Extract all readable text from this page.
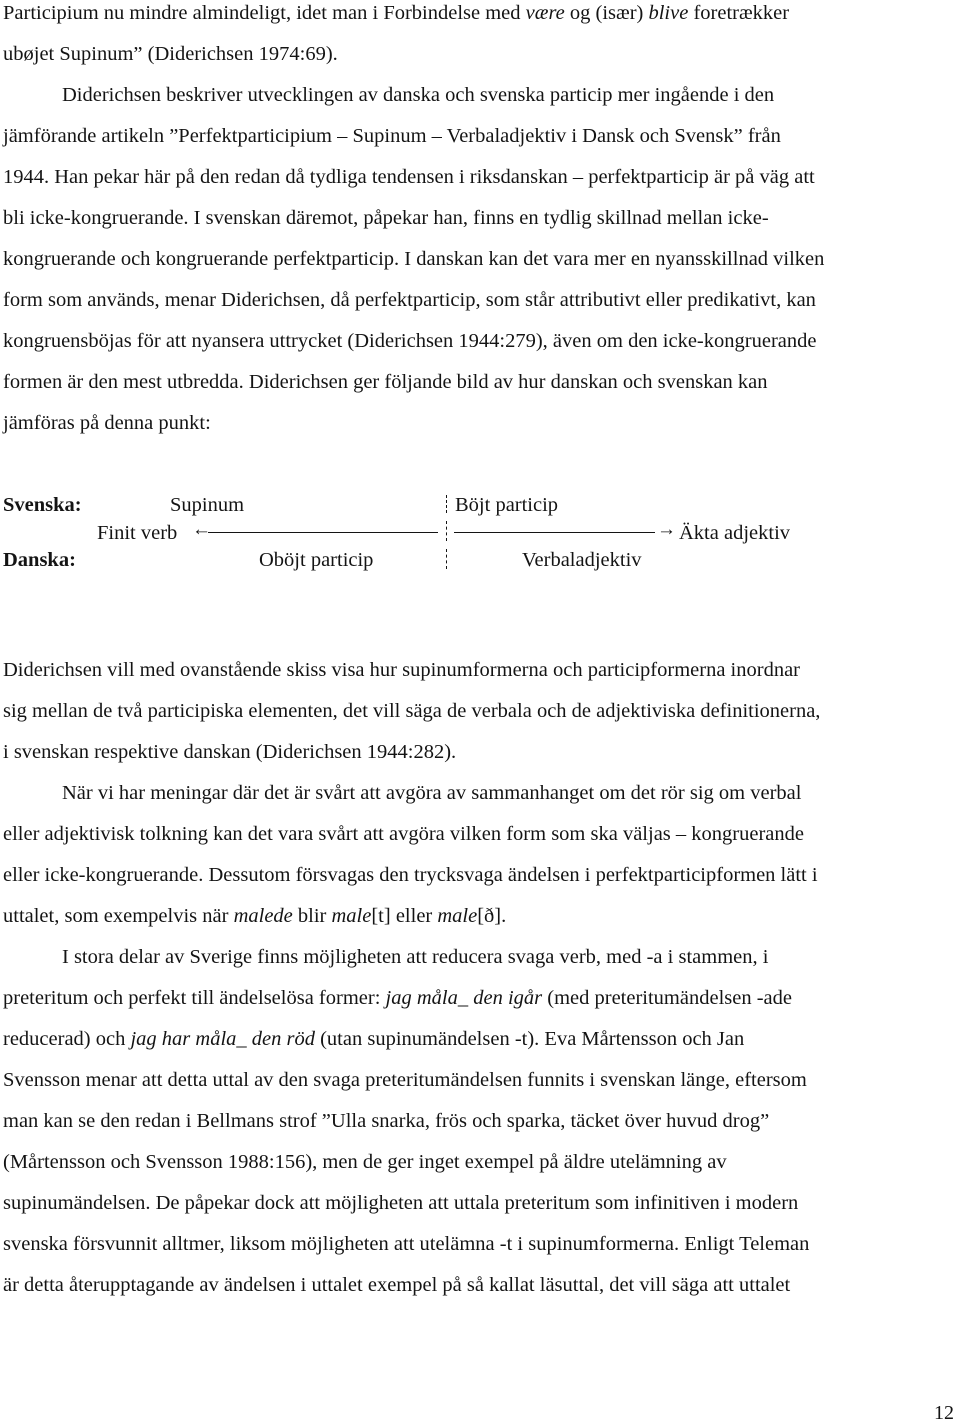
Participium nu mindre almindeligt, idet man i Forbindelse med være og (især) blive foretrækker
ubøjet Supinum” (Diderichsen 1974:69).
Diderichsen beskriver utvecklingen av danska och svenska particip mer ingående i den
jämförande artikeln ”Perfektparticipium – Supinum – Verbaladjektiv i Dansk och Svensk” från
1944. Han pekar här på den redan då tydliga tendensen i riksdanskan – perfektparticip är på väg att
bli icke-kongruerande. I svenskan däremot, påpekar han, finns en tydlig skillnad mellan icke-
kongruerande och kongruerande perfektparticip. I danskan kan det vara mer en nyansskillnad vilken
form som används, menar Diderichsen, då perfektparticip, som står attributivt eller predikativt, kan
kongruensböjas för att nyansera uttrycket (Diderichsen 1944:279), även om den icke-kongruerande
formen är den mest utbredda. Diderichsen ger följande bild av hur danskan och svenskan kan
jämföras på denna punkt:
Svenska:	Supinum	Böjt particip
Finit verb ←	→ Äkta adjektiv
Danska:	Oböjt particip	Verbaladjektiv
Diderichsen vill med ovanstående skiss visa hur supinumformerna och participformerna inordnar
sig mellan de två participiska elementen, det vill säga de verbala och de adjektiviska definitionerna,
i svenskan respektive danskan (Diderichsen 1944:282).
När vi har meningar där det är svårt att avgöra av sammanhanget om det rör sig om verbal
eller adjektivisk tolkning kan det vara svårt att avgöra vilken form som ska väljas – kongruerande
eller icke-kongruerande. Dessutom försvagas den trycksvaga ändelsen i perfektparticipformen lätt i
uttalet, som exempelvis när malede blir male[t] eller male[ð].
I stora delar av Sverige finns möjligheten att reducera svaga verb, med -a i stammen, i
preteritum och perfekt till ändelselösa former: jag måla_ den igår (med preteritumändelsen -ade
reducerad) och jag har måla_ den röd (utan supinumändelsen -t). Eva Mårtensson och Jan
Svensson menar att detta uttal av den svaga preteritumändelsen funnits i svenskan länge, eftersom
man kan se den redan i Bellmans strof ”Ulla snarka, frös och sparka, täcket över huvud drog”
(Mårtensson och Svensson 1988:156), men de ger inget exempel på äldre utelämning av
supinumändelsen. De påpekar dock att möjligheten att uttala preteritum som infinitiven i modern
svenska försvunnit alltmer, liksom möjligheten att utelämna -t i supinumformerna. Enligt Teleman
är detta återupptagande av ändelsen i uttalet exempel på så kallat läsuttal, det vill säga att uttalet
12
